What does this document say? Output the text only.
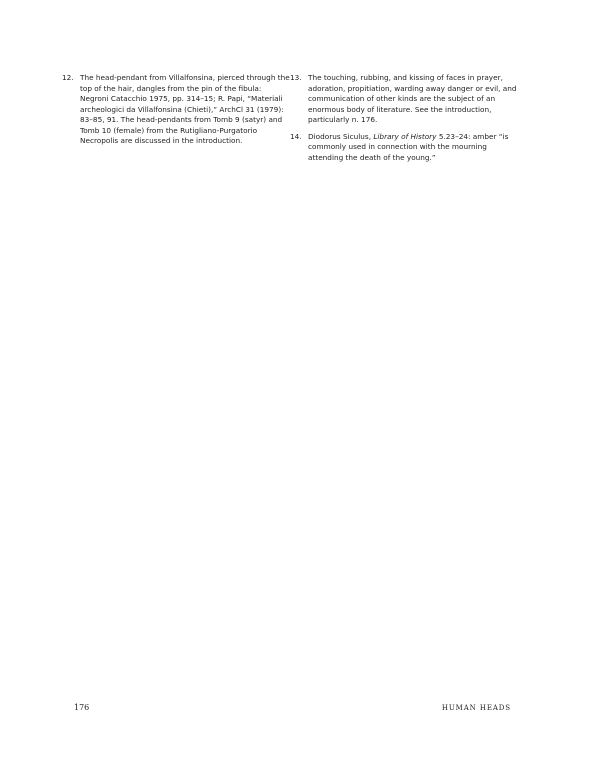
12. The head-pendant from Villalfonsina, pierced through the top of the hair, dangles from the pin of the fibula: Negroni Catacchio 1975, pp. 314–15; R. Papi, “Materiali archeologici da Villalfonsina (Chieti),” ArchCl 31 (1979): 83–85, 91. The head-pendants from Tomb 9 (satyr) and Tomb 10 (female) from the Rutigliano-Purgatorio Necropolis are discussed in the introduction.
13. The touching, rubbing, and kissing of faces in prayer, adoration, propitiation, warding away danger or evil, and communication of other kinds are the subject of an enormous body of literature. See the introduction, particularly n. 176.
14. Diodorus Siculus, Library of History 5.23–24: amber “is commonly used in connection with the mourning attending the death of the young.”
176	HUMAN HEADS
